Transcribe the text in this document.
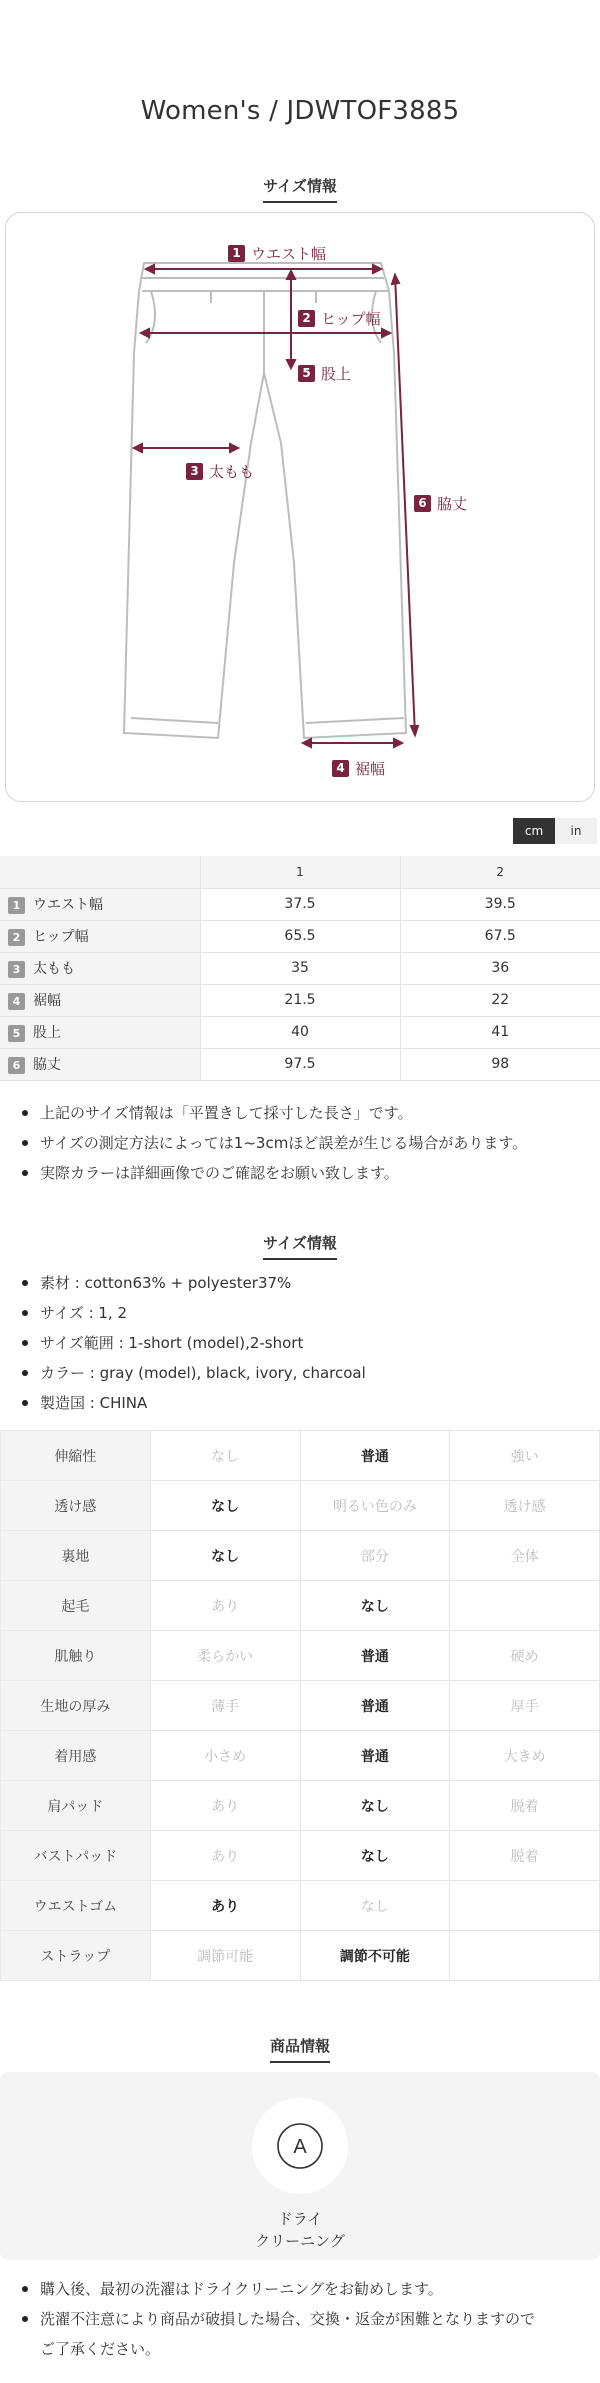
Women's / JDWTOF3885
サイズ情報
1 ウエスト幅
2 ヒップ幅
5 股上
3 太もも
6 脇丈
4 裾幅
cm	in
	1	2
1 ウエスト幅	37.5	39.5
2 ヒップ幅	65.5	67.5
3 太もも	35	36
4 裾幅	21.5	22
5 股上	40	41
6 脇丈	97.5	98
上記のサイズ情報は「平置きして採寸した長さ」です。
サイズの測定方法によっては1~3cmほど誤差が生じる場合があります。
実際カラーは詳細画像でのご確認をお願い致します。
サイズ情報
素材 : cotton63% + polyester37%
サイズ : 1, 2
サイズ範囲 : 1-short (model),2-short
カラー : gray (model), black, ivory, charcoal
製造国 : CHINA
伸縮性	なし	普通	強い
透け感	なし	明るい色のみ	透け感
裏地	なし	部分	全体
起毛	あり	なし	
肌触り	柔らかい	普通	硬め
生地の厚み	薄手	普通	厚手
着用感	小さめ	普通	大きめ
肩パッド	あり	なし	脱着
バストパッド	あり	なし	脱着
ウエストゴム	あり	なし	
ストラップ	調節可能	調節不可能	
商品情報
A
ドライ
クリーニング
購入後、最初の洗濯はドライクリーニングをお勧めします。
洗濯不注意により商品が破損した場合、交換・返金が困難となりますので
ご了承ください。
